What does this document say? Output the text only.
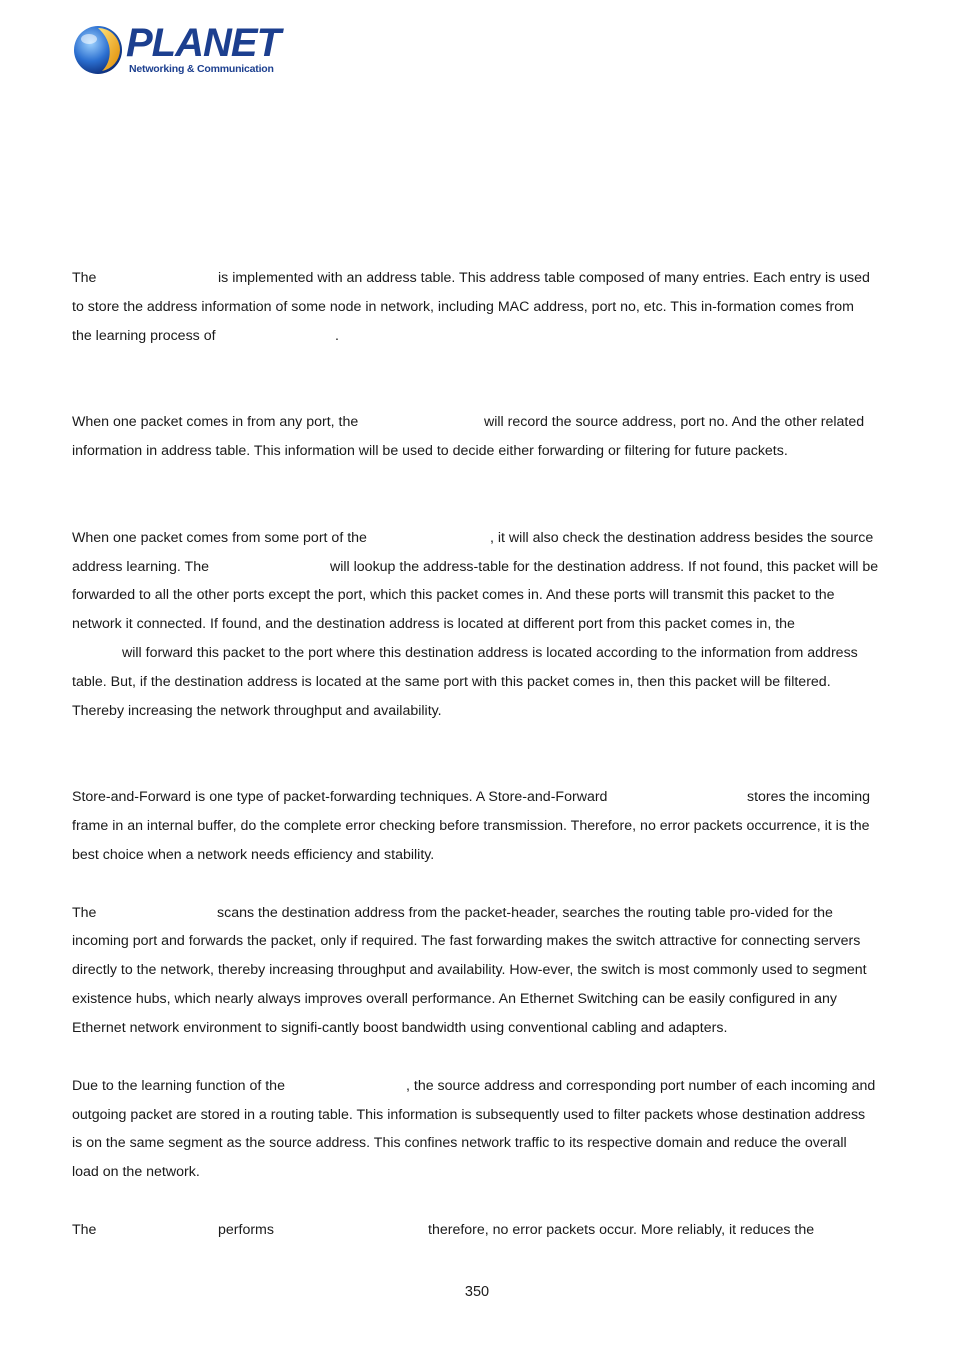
PLANET
Networking & Communication
The	is implemented with an address table. This address table composed of many entries. Each entry is used
to store the address information of some node in network, including MAC address, port no, etc. This in-formation comes from
the learning process of	.
When one packet comes in from any port, the	will record the source address, port no. And the other related
information in address table. This information will be used to decide either forwarding or filtering for future packets.
When one packet comes from some port of the	, it will also check the destination address besides the source
address learning. The	will lookup the address-table for the destination address. If not found, this packet will be
forwarded to all the other ports except the port, which this packet comes in. And these ports will transmit this packet to the
network it connected. If found, and the destination address is located at different port from this packet comes in, the
will forward this packet to the port where this destination address is located according to the information from address
table. But, if the destination address is located at the same port with this packet comes in, then this packet will be filtered.
Thereby increasing the network throughput and availability.
Store-and-Forward is one type of packet-forwarding techniques. A Store-and-Forward	stores the incoming
frame in an internal buffer, do the complete error checking before transmission. Therefore, no error packets occurrence, it is the
best choice when a network needs efficiency and stability.
The	scans the destination address from the packet-header, searches the routing table pro-vided for the
incoming port and forwards the packet, only if required. The fast forwarding makes the switch attractive for connecting servers
directly to the network, thereby increasing throughput and availability. How-ever, the switch is most commonly used to segment
existence hubs, which nearly always improves overall performance. An Ethernet Switching can be easily configured in any
Ethernet network environment to signifi-cantly boost bandwidth using conventional cabling and adapters.
Due to the learning function of the	, the source address and corresponding port number of each incoming and
outgoing packet are stored in a routing table. This information is subsequently used to filter packets whose destination address
is on the same segment as the source address. This confines network traffic to its respective domain and reduce the overall
load on the network.
The	performs	therefore, no error packets occur. More reliably, it reduces the
350
